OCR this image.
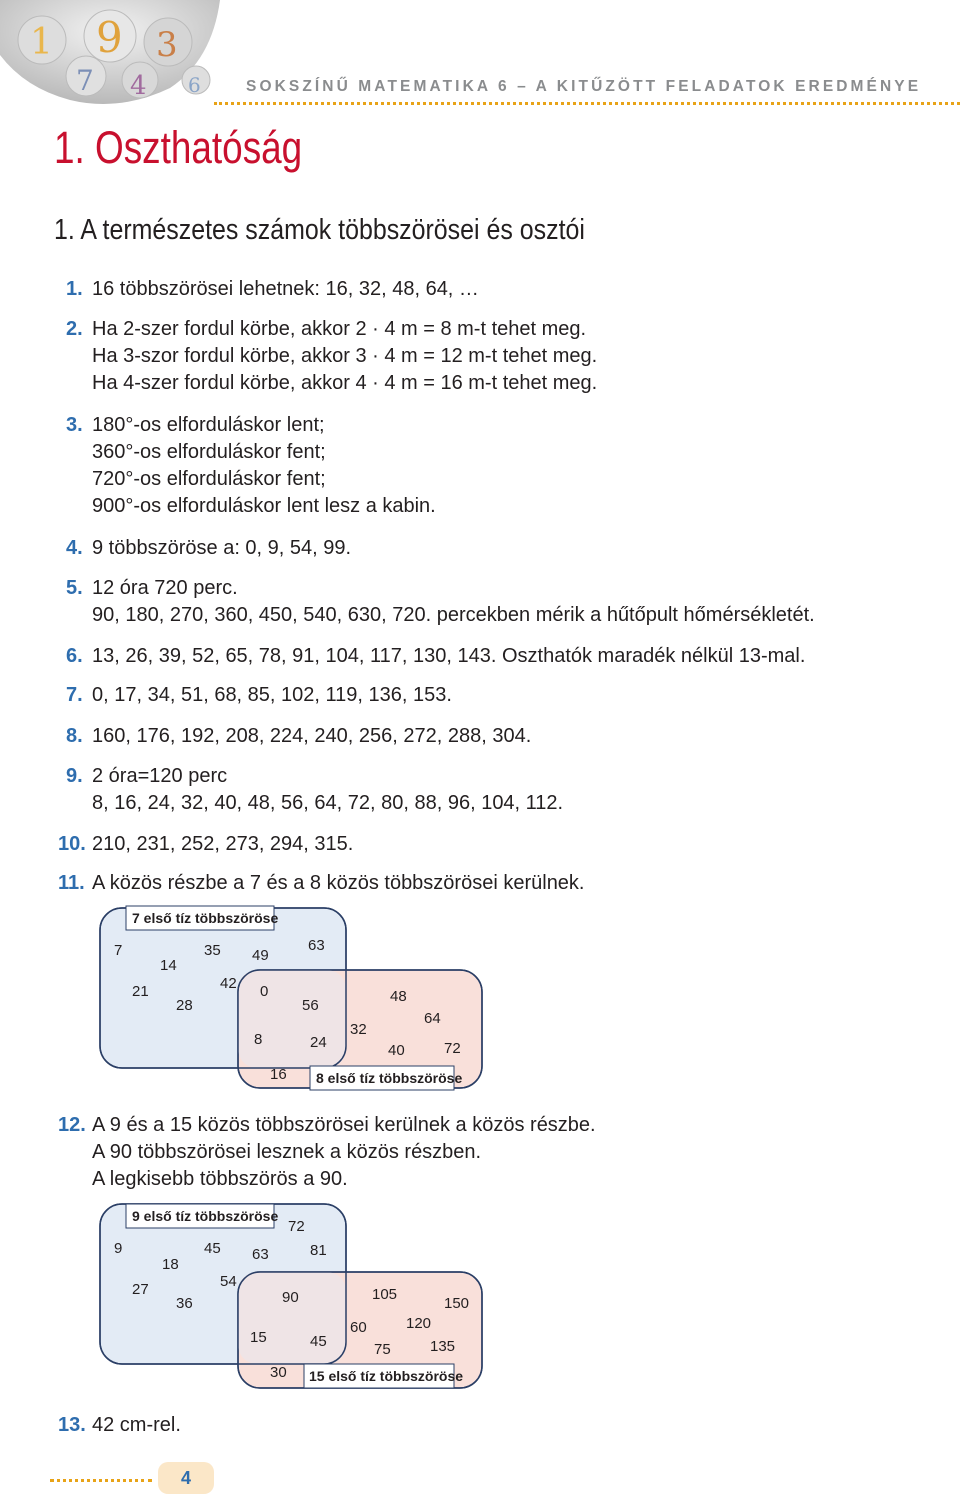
1 9 3
7 4 6	SOKSZÍNŰ MATEMATIKA 6 – A KITŰZÖTT FELADATOK EREDMÉNYE
1. Oszthatóság
1. A természetes számok többszörösei és osztói
1. 16 többszörösei lehetnek: 16, 32, 48, 64, …
2. Ha 2-szer fordul körbe, akkor 2 · 4 m = 8 m-t tehet meg.
Ha 3-szor fordul körbe, akkor 3 · 4 m = 12 m-t tehet meg.
Ha 4-szer fordul körbe, akkor 4 · 4 m = 16 m-t tehet meg.
3. 180°-os elforduláskor lent;
360°-os elforduláskor fent;
720°-os elforduláskor fent;
900°-os elforduláskor lent lesz a kabin.
4. 9 többszöröse a: 0, 9, 54, 99.
5. 12 óra 720 perc.
90, 180, 270, 360, 450, 540, 630, 720. percekben mérik a hűtőpult hőmérsékletét.
6. 13, 26, 39, 52, 65, 78, 91, 104, 117, 130, 143. Oszthatók maradék nélkül 13-mal.
7. 0, 17, 34, 51, 68, 85, 102, 119, 136, 153.
8. 160, 176, 192, 208, 224, 240, 256, 272, 288, 304.
9. 2 óra=120 perc
8, 16, 24, 32, 40, 48, 56, 64, 72, 80, 88, 96, 104, 112.
10. 210, 231, 252, 273, 294, 315.
11. A közös részbe a 7 és a 8 közös többszörösei kerülnek.
7 első tíz többszöröse
8 első tíz többszöröse
7
14
35 49
63
21
28
42 0
56
48
64
32
8	24	40	72
16
12. A 9 és a 15 közös többszörösei kerülnek a közös részbe.
A 90 többszörösei lesznek a közös részben.
A legkisebb többszörös a 90.
9 első tíz többszöröse
15 első tíz többszöröse
72
9
18
45 63	81
27
36
54
90	105
150
120
60
15	45	75	135
30
13. 42 cm-rel.
4
